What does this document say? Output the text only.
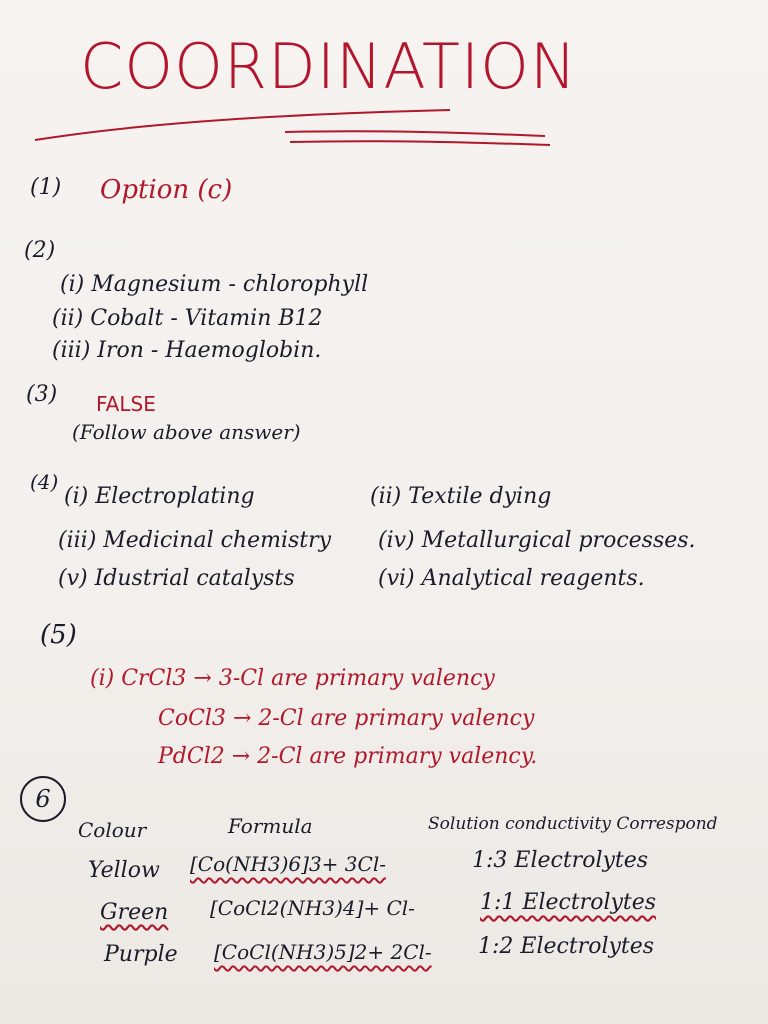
COORDINATION
(1) Option (c)
(2)
(i) Magnesium - chlorophyll
(ii) Cobalt - Vitamin B12
(iii) Iron - Haemoglobin.
(3) FALSE
(Follow above answer)
(4)
(i) Electroplating	(ii) Textile dying
(iii) Medicinal chemistry (iv) Metallurgical processes.
(v) Idustrial catalysts	(vi) Analytical reagents.
(5)
(i) CrCl3 → 3-Cl are primary valency
CoCl3 → 2-Cl are primary valency
PdCl2 → 2-Cl are primary valency.
6
Colour	Formula	Solution conductivity Correspond
Yellow [Co(NH3)6]3+ 3Cl-	1:3 Electrolytes
Green [CoCl2(NH3)4]+ Cl-	1:1 Electrolytes
Purple [CoCl(NH3)5]2+ 2Cl- 1:2 Electrolytes
